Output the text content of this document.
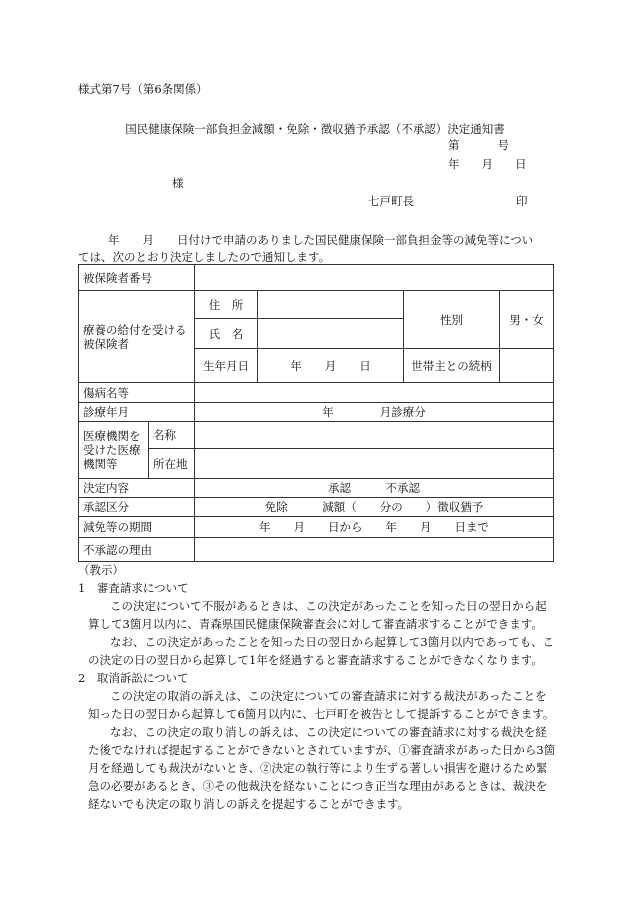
様式第7号（第6条関係）
国民健康保険一部負担金減額・免除・徴収猶予承認（不承認）決定通知書
第	号
年 月 日
様
七戸町長	印

年　　月　　日付けで申請のありました国民健康保険一部負担金等の減免等につい

ては、次のとおり決定しましたので通知します。

被保険者番号					
療養の給付を受ける被保険者		住　所		性別	男・女
		氏　名			
		生年月日	年　　月　　日	世帯主との続柄	
傷病名等					
診療年月		年　　　　月診療分			
医療機関を受けた医療機関等	名称				
	所在地				
決定内容		承認　　　不承認			
承認区分		免除　　　減額（　　分の　　）徴収猶予			
減免等の期間		年　　月　　日から　　年　　月　　日まで			
不承認の理由					

（教示）

1　審査請求について

この決定について不服があるときは、この決定があったことを知った日の翌日から起算して3箇月以内に、青森県国民健康保険審査会に対して審査請求することができます。

なお、この決定があったことを知った日の翌日から起算して3箇月以内であっても、この決定の日の翌日から起算して1年を経過すると審査請求することができなくなります。

2　取消訴訟について

この決定の取消の訴えは、この決定についての審査請求に対する裁決があったことを知った日の翌日から起算して6箇月以内に、七戸町を被告として提訴することができます。

なお、この決定の取り消しの訴えは、この決定についての審査請求に対する裁決を経た後でなければ提起することができないとされていますが、①審査請求があった日から3箇月を経過しても裁決がないとき、②決定の執行等により生ずる著しい損害を避けるため緊急の必要があるとき、③その他裁決を経ないことにつき正当な理由があるときは、裁決を経ないでも決定の取り消しの訴えを提起することができます。
